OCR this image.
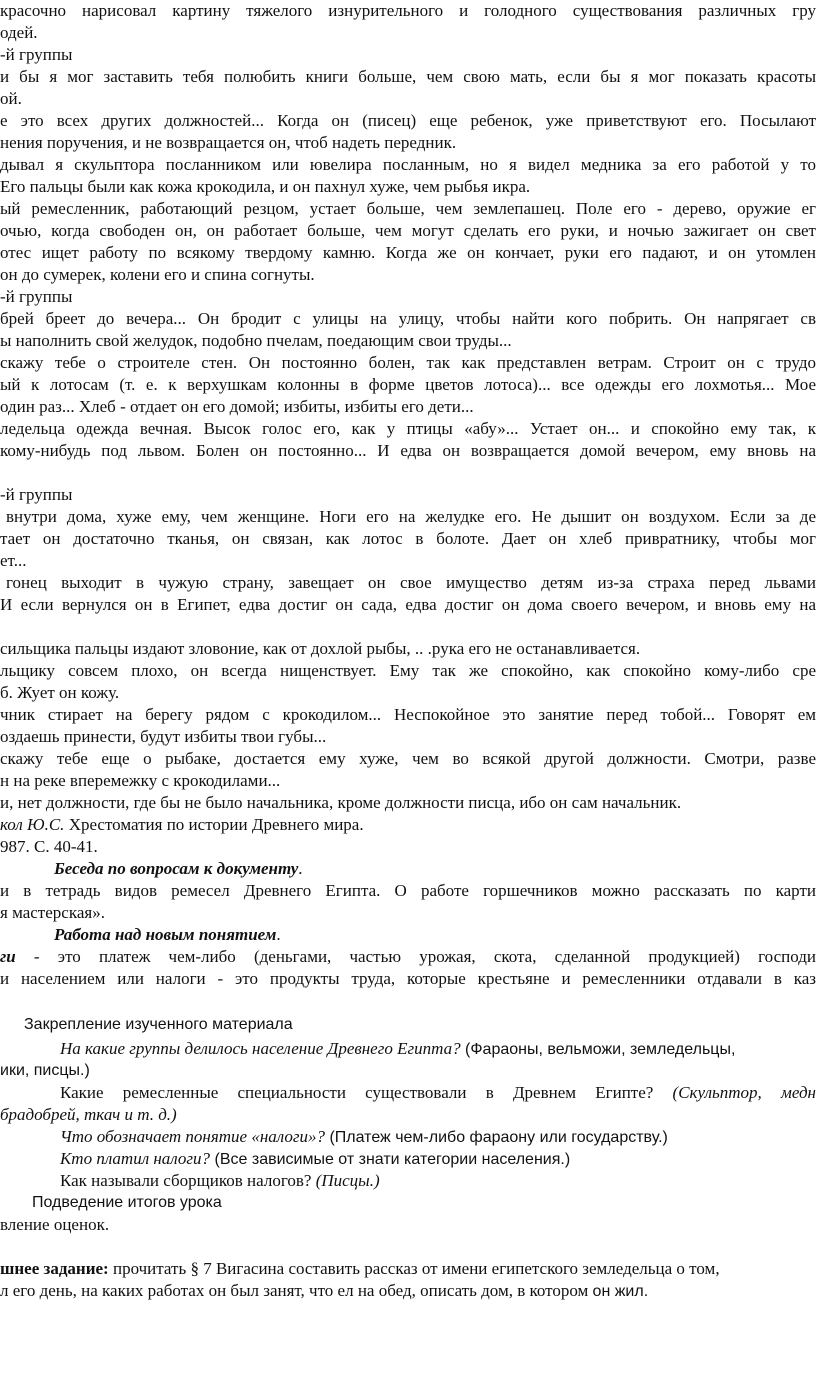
красочно нарисовал картину тяжелого изнурительного и голодного существования различных гру
одей.
-й группы
и бы я мог заставить тебя полюбить книги больше, чем свою мать, если бы я мог показать красоты
ой.
е это всех других должностей... Когда он (писец) еще ребенок, уже приветствуют его. Посылают
нения поручения, и не возвращается он, чтоб надеть передник.
дывал я скульптора посланником или ювелира посланным, но я видел медника за его работой у то
Его пальцы были как кожа крокодила, и он пахнул хуже, чем рыбья икра.
ый ремесленник, работающий резцом, устает больше, чем землепашец. Поле его - дерево, оружие ег
очью, когда свободен он, он работает больше, чем могут сделать его руки, и ночью зажигает он свет
отес ищет работу по всякому твердому камню. Когда же он кончает, руки его падают, и он утомлен
он до сумерек, колени его и спина согнуты.
-й группы
брей бреет до вечера... Он бродит с улицы на улицу, чтобы найти кого побрить. Он напрягает св
ы наполнить свой желудок, подобно пчелам, поедающим свои труды...
скажу тебе о строителе стен. Он постоянно болен, так как представлен ветрам. Строит он с трудо
ый к лотосам (т. е. к верхушкам колонны в форме цветов лотоса)... все одежды его лохмотья... Мое
один раз... Хлеб - отдает он его домой; избиты, избиты его дети...
ледельца одежда вечная. Высок голос его, как у птицы «абу»... Устает он... и спокойно ему так, к
кому-нибудь под львом. Болен он постоянно... И едва он возвращается домой вечером, ему вновь на
-й группы
внутри дома, хуже ему, чем женщине. Ноги его на желудке его. Не дышит он воздухом. Если за де
тает он достаточно тканья, он связан, как лотос в болоте. Дает он хлеб привратнику, чтобы мог
ет...
гонец выходит в чужую страну, завещает он свое имущество детям из-за страха перед львами
И если вернулся он в Египет, едва достиг он сада, едва достиг он дома своего вечером, и вновь ему на
сильщика пальцы издают зловоние, как от дохлой рыбы, .. .рука его не останавливается.
льщику совсем плохо, он всегда нищенствует. Ему так же спокойно, как спокойно кому-либо сре
б. Жует он кожу.
чник стирает на берегу рядом с крокодилом... Неспокойное это занятие перед тобой... Говорят ем
оздаешь принести, будут избиты твои губы...
скажу тебе еще о рыбаке, достается ему хуже, чем во всякой другой должности. Смотри, разве
н на реке вперемежку с крокодилами...
и, нет должности, где бы не было начальника, кроме должности писца, ибо он сам начальник.
кол Ю.С. Хрестоматия по истории Древнего мира.
987. С. 40-41.
Беседа по вопросам к документу.
и в тетрадь видов ремесел Древнего Египта. О работе горшечников можно рассказать по карти
я мастерская».
Работа над новым понятием.
ги - это платеж чем-либо (деньгами, частью урожая, скота, сделанной продукцией) господи
и населением или налоги - это продукты труда, которые крестьяне и ремесленники отдавали в каз
Закрепление изученного материала
На какие группы делилось население Древнего Египта? (Фараоны, вельможи, земледельцы,
ики, писцы.)
Какие ремесленные специальности существовали в Древнем Египте? (Скульптор, медн
брадобрей, ткач и т. д.)
Что обозначает понятие «налоги»? (Платеж чем-либо фараону или государству.)
Кто платил налоги? (Все зависимые от знати категории населения.)
Как называли сборщиков налогов? (Писцы.)
Подведение итогов урока
вление оценок.
шнее задание: прочитать § 7 Вигасина составить рассказ от имени египетского земледельца о том,
л его день, на каких работах он был занят, что ел на обед, описать дом, в котором он жил.
